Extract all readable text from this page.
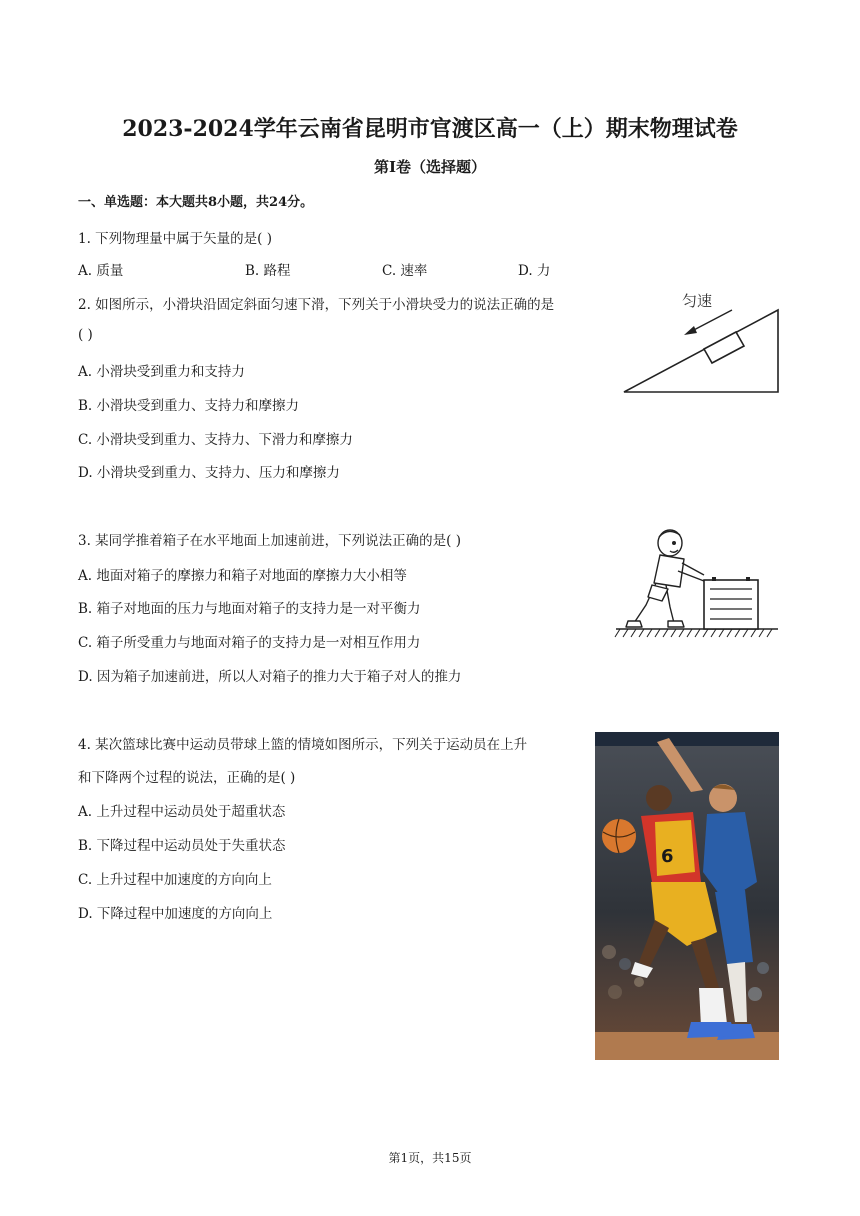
2023-2024学年云南省昆明市官渡区高一（上）期末物理试卷
第I卷（选择题）
一、单选题：本大题共8小题，共24分。
1. 下列物理量中属于矢量的是( )
A. 质量	B. 路程	C. 速率	D. 力
2. 如图所示，小滑块沿固定斜面匀速下滑，下列关于小滑块受力的说法正确的是
( )
A. 小滑块受到重力和支持力
B. 小滑块受到重力、支持力和摩擦力
C. 小滑块受到重力、支持力、下滑力和摩擦力
D. 小滑块受到重力、支持力、压力和摩擦力
匀速
3. 某同学推着箱子在水平地面上加速前进，下列说法正确的是( )
A. 地面对箱子的摩擦力和箱子对地面的摩擦力大小相等
B. 箱子对地面的压力与地面对箱子的支持力是一对平衡力
C. 箱子所受重力与地面对箱子的支持力是一对相互作用力
D. 因为箱子加速前进，所以人对箱子的推力大于箱子对人的推力
4. 某次篮球比赛中运动员带球上篮的情境如图所示，下列关于运动员在上升
和下降两个过程的说法，正确的是( )
A. 上升过程中运动员处于超重状态
B. 下降过程中运动员处于失重状态
C. 上升过程中加速度的方向向上
D. 下降过程中加速度的方向向上
6
第1页，共15页
